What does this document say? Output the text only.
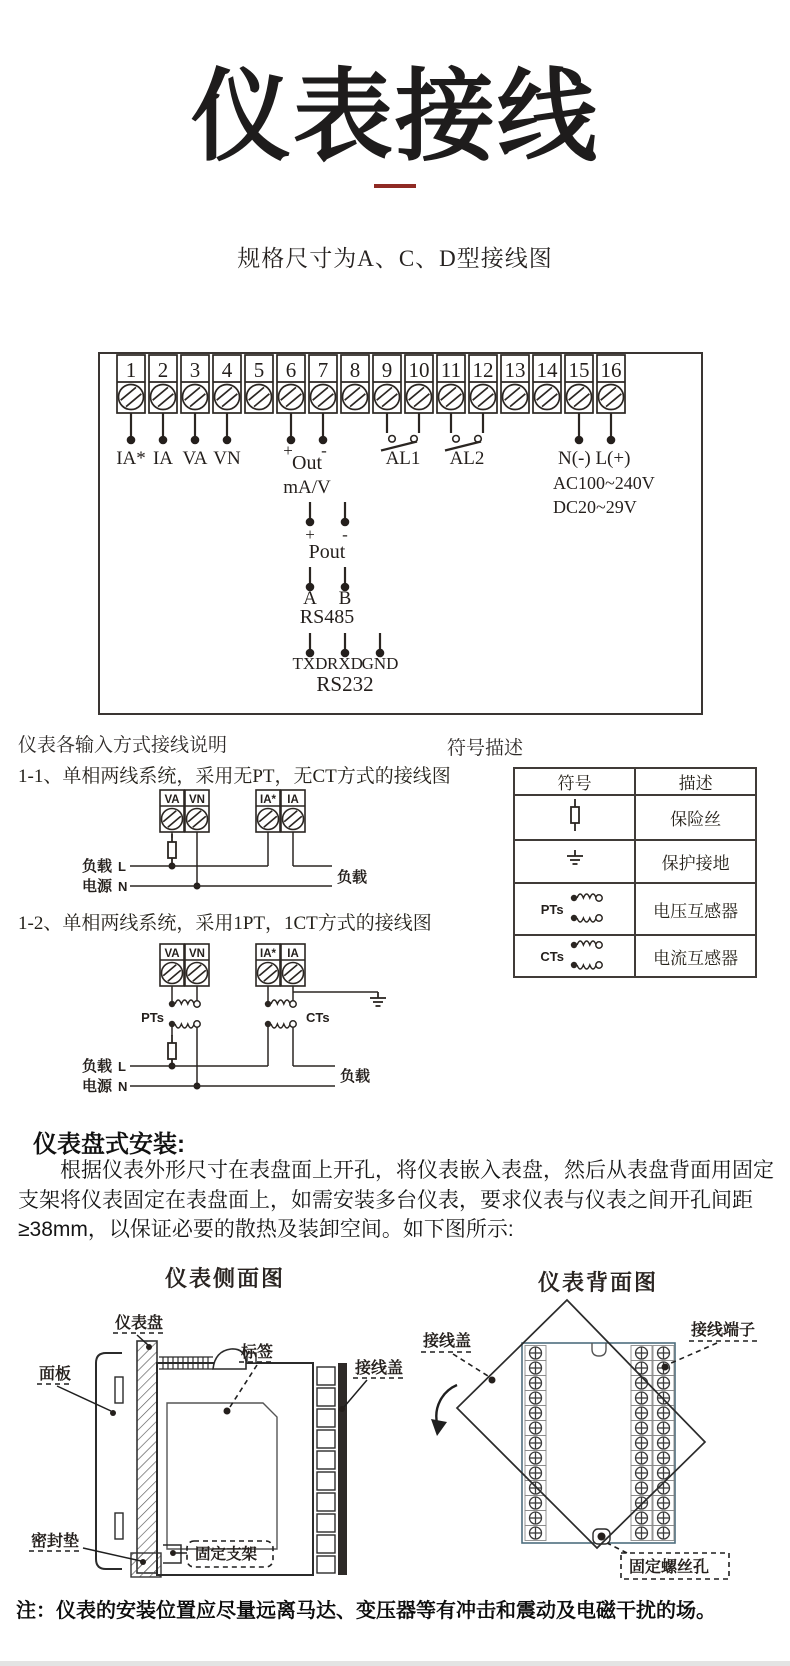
仪表接线
规格尺寸为A、C、D型接线图
1 2 3 4 5 6 7 8 9 10 11 12 13 14 15 16
IA* IA VA VN +
Out
-
mA/V
AL1 AL2	N(-) L(+)
AC100~240V
DC20~29V
+ -
Pout
A B
RS485
TXD RXD
GND
RS232
仪表各输入方式接线说明	符号描述
1-1、单相两线系统，采用无PT，无CT方式的接线图
VA VN	IA* IA
负载 L
电源 N
负载
符号	描述
	保险丝
	保护接地

PTs	电压互感器

CTs	电流互感器
1-2、单相两线系统，采用1PT，1CT方式的接线图
VA VN	IA* IA
PTs	CTs
负载 L
电源 N
负载
仪表盘式安装:

根据仪表外形尺寸在表盘面上开孔，将仪表嵌入表盘，然后从表盘背面用固定支架将仪表固定在表盘面上，如需安装多台仪表，要求仪表与仪表之间开孔间距≥38mm，以保证必要的散热及装卸空间。如下图所示:

仪表侧面图	仪表背面图
仪表盘
面板
标签
接线盖
密封垫
固定支架
接线盖
接线端子
固定螺丝孔
注：仪表的安装位置应尽量远离马达、变压器等有冲击和震动及电磁干扰的场。
